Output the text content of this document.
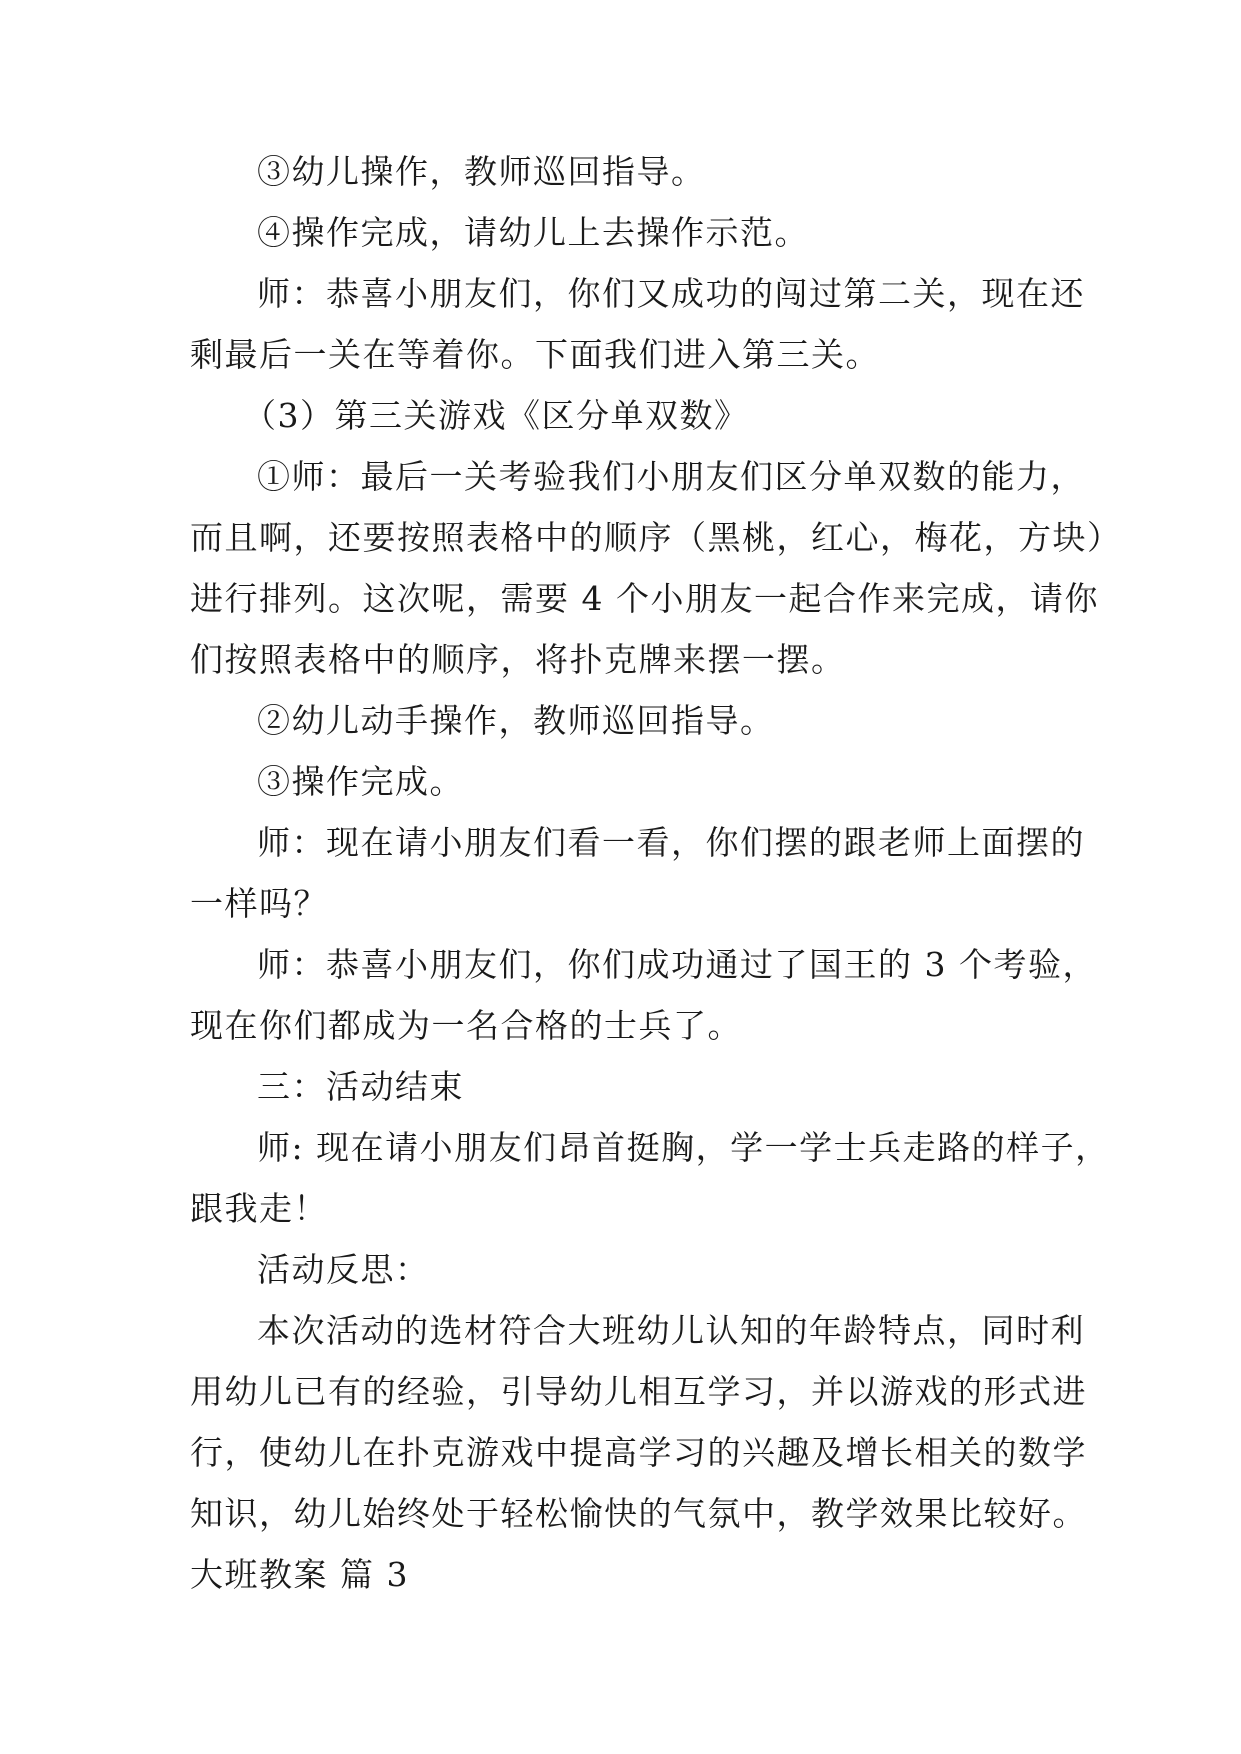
③幼儿操作，教师巡回指导。
④操作完成，请幼儿上去操作示范。
师：恭喜小朋友们，你们又成功的闯过第二关，现在还
剩最后一关在等着你。下面我们进入第三关。
（3）第三关游戏《区分单双数》
①师：最后一关考验我们小朋友们区分单双数的能力，
而且啊，还要按照表格中的顺序（黑桃，红心，梅花，方块）
进行排列。这次呢，需要 4 个小朋友一起合作来完成，请你
们按照表格中的顺序，将扑克牌来摆一摆。
②幼儿动手操作，教师巡回指导。
③操作完成。
师：现在请小朋友们看一看，你们摆的跟老师上面摆的
一样吗？
师：恭喜小朋友们，你们成功通过了国王的 3 个考验，
现在你们都成为一名合格的士兵了。
三：活动结束
师: 现在请小朋友们昂首挺胸，学一学士兵走路的样子，
跟我走！
活动反思：
本次活动的选材符合大班幼儿认知的年龄特点，同时利
用幼儿已有的经验，引导幼儿相互学习，并以游戏的形式进
行，使幼儿在扑克游戏中提高学习的兴趣及增长相关的数学
知识，幼儿始终处于轻松愉快的气氛中，教学效果比较好。
大班教案 篇 3
